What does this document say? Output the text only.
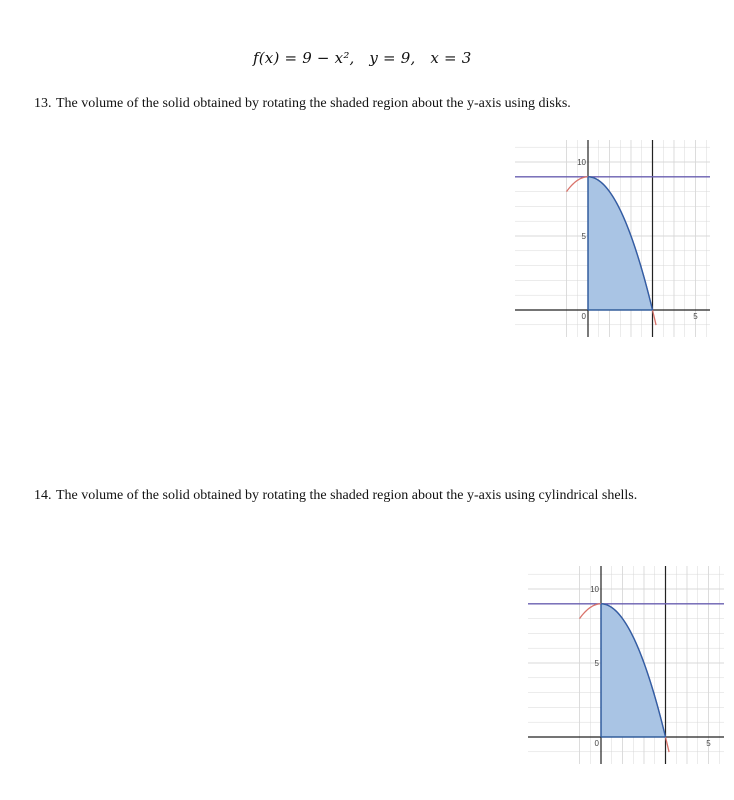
f(x) = 9 − x²,   y = 9,   x = 3
13. The volume of the solid obtained by rotating the shaded region about the y-axis using disks.
14. The volume of the solid obtained by rotating the shaded region about the y-axis using cylindrical shells.
10
5
0	5
10
5
0	5
